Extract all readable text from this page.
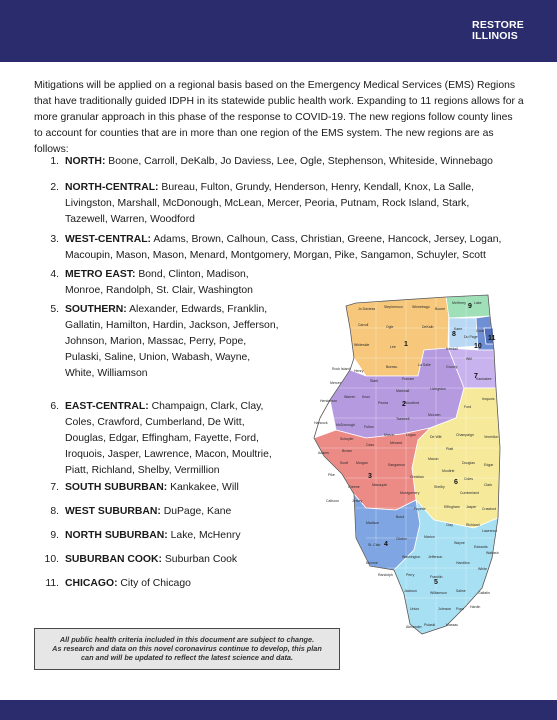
RESTORE
ILLINOIS

Mitigations will be applied on a regional basis based on the Emergency Medical Services (EMS) Regions that have traditionally guided IDPH in its statewide public health work. Expanding to 11 regions allows for a more granular approach in this phase of the response to COVID-19. The new regions follow county lines to account for counties that are in more than one region of the EMS system. The new regions are as follows:

1. NORTH: Boone, Carroll, DeKalb, Jo Daviess, Lee, Ogle, Stephenson, Whiteside, Winnebago
2. NORTH-CENTRAL: Bureau, Fulton, Grundy, Henderson, Henry, Kendall, Knox, La Salle,
Livingston, Marshall, McDonough, McLean, Mercer, Peoria, Putnam, Rock Island, Stark,
Tazewell, Warren, Woodford
3. WEST-CENTRAL: Adams, Brown, Calhoun, Cass, Christian, Greene, Hancock, Jersey, Logan,
Macoupin, Mason, Mason, Menard, Montgomery, Morgan, Pike, Sangamon, Schuyler, Scott
4. METRO EAST: Bond, Clinton, Madison,
Monroe, Randolph, St. Clair, Washington
5. SOUTHERN: Alexander, Edwards, Franklin,
Gallatin, Hamilton, Hardin, Jackson, Jefferson,
Johnson, Marion, Massac, Perry, Pope,
Pulaski, Saline, Union, Wabash, Wayne,
White, Williamson
6. EAST-CENTRAL: Champaign, Clark, Clay,
Coles, Crawford, Cumberland, De Witt,
Douglas, Edgar, Effingham, Fayette, Ford,
Iroquois, Jasper, Lawrence, Macon, Moultrie,
Piatt, Richland, Shelby, Vermillion
7. SOUTH SUBURBAN: Kankakee, Will
8. WEST SUBURBAN: DuPage, Kane
9. NORTH SUBURBAN: Lake, McHenry
10. SUBURBAN COOK: Suburban Cook
11. CHICAGO: City of Chicago
Jo Daviess	Stephenson	Winnebago Boone
McHenry Lake
Carroll	Ogle	DeKalb	Kane	Cook
Whiteside	Lee
Du Page
Will
Kendall
Grundy
Kankakee
Rock Island Henry
Bureau	La Salle
Mercer	Stark	Putnam
Marshall	Livingston
Iroquois
Henderson
Warren Knox
Peoria	Woodford
McLean
Ford
Hancock McDonough	Fulton
Tazewell
Vermilion
Champaign
De Witt
Logan
Mason
Schuyler
Adams	Brown
Cass	Menard
Piatt
Macon
Douglas	Edgar
Morgan
Scott	Sangamon
Pike	Christian
Moultrie
Coles
Shelby	Clark
Greene	Macoupin
Montgomery	Cumberland
Calhoun	Jersey
Fayette	Effingham Jasper Crawford
Madison
Bond
Clay	Richland
Lawrence
St. Clair
Clinton	Marion
Wayne
Edwards
Wabash
Monroe
Washington Jefferson
Hamilton
White
Randolph	Perry	Franklin
Jackson	Williamson	Saline	Gallatin
Union	Johnson Pope Hardin
Alexander Pulaski	Massac
1
2
3
4
5
6
7
8
9
10
11
All public health criteria included in this document are subject to change.
As research and data on this novel coronavirus continue to develop, this plan
can and will be updated to reflect the latest science and data.
